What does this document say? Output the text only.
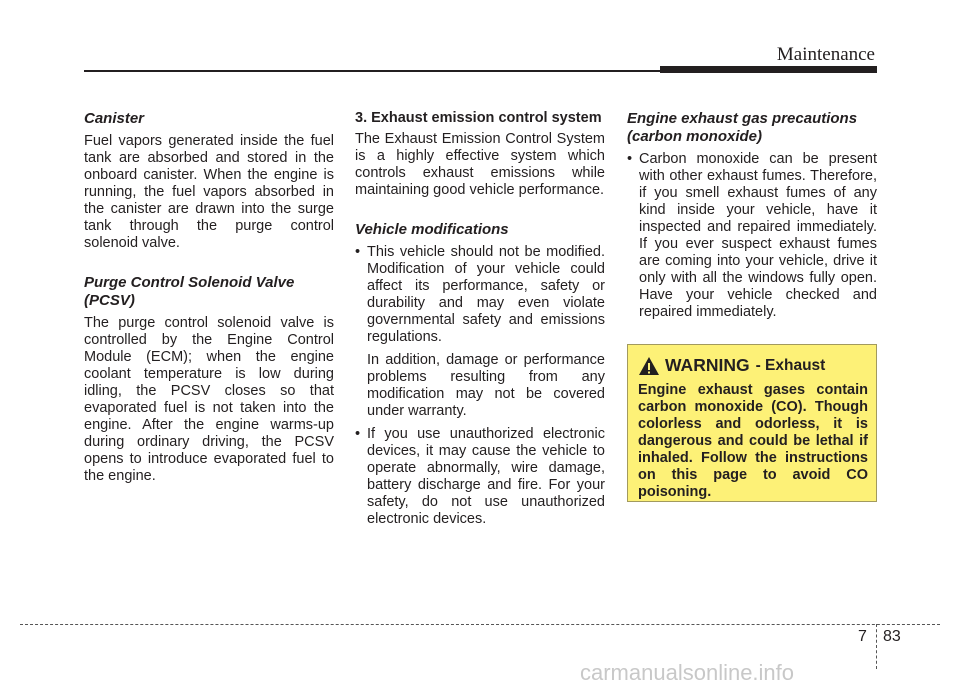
Maintenance
Canister

Fuel vapors generated inside the fuel tank are absorbed and stored in the onboard canister. When the engine is running, the fuel vapors absorbed in the canister are drawn into the surge tank through the purge control solenoid valve.

Purge Control Solenoid Valve (PCSV)

The purge control solenoid valve is controlled by the Engine Control Module (ECM); when the engine coolant temperature is low during idling, the PCSV closes so that evaporated fuel is not taken into the engine. After the engine warms-up during ordinary driving, the PCSV opens to introduce evaporated fuel to the engine.

3. Exhaust emission control system

The Exhaust Emission Control System is a highly effective system which controls exhaust emissions while maintaining good vehicle performance.

Vehicle modifications
• This vehicle should not be modified. Modification of your vehicle could affect its performance, safety or durability and may even violate governmental safety and emissions regulations.

In addition, damage or performance problems resulting from any modification may not be covered under warranty.

• If you use unauthorized electronic devices, it may cause the vehicle to operate abnormally, wire damage, battery discharge and fire. For your safety, do not use unauthorized electronic devices.

Engine exhaust gas precautions (carbon monoxide)
• Carbon monoxide can be present with other exhaust fumes. Therefore, if you smell exhaust fumes of any kind inside your vehicle, have it inspected and repaired immediately. If you ever suspect exhaust fumes are coming into your vehicle, drive it only with all the windows fully open. Have your vehicle checked and repaired immediately.

WARNING - Exhaust
Engine exhaust gases contain carbon monoxide (CO). Though colorless and odorless, it is dangerous and could be lethal if inhaled. Follow the instructions on this page to avoid CO poisoning.
7 83
carmanualsonline.info
